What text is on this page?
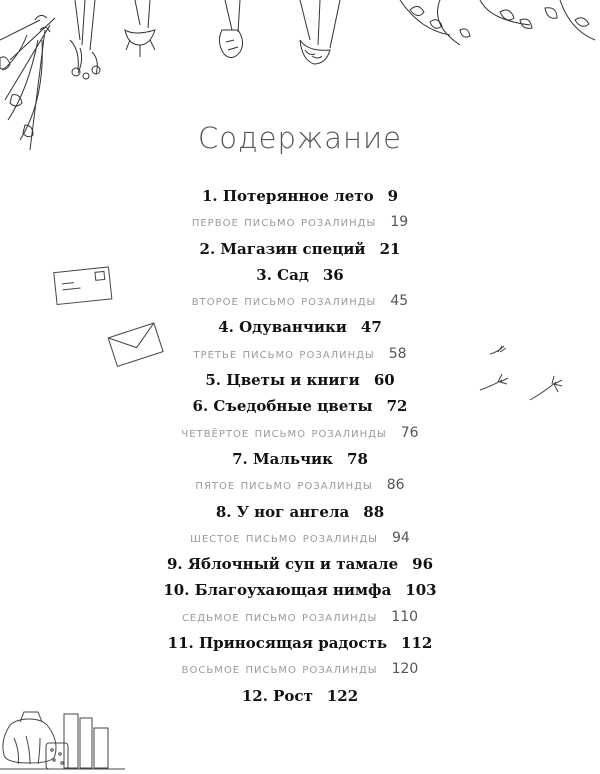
Содержание
1. Потерянное лето 9
первое письмо розалинды 19
2. Магазин специй 21
3. Сад 36
второе письмо розалинды 45
4. Одуванчики 47
третье письмо розалинды 58
5. Цветы и книги 60
6. Съедобные цветы 72
четвёртое письмо розалинды 76
7. Мальчик 78
пятое письмо розалинды 86
8. У ног ангела 88
шестое письмо розалинды 94
9. Яблочный суп и тамале 96
10. Благоухающая нимфа 103
седьмое письмо розалинды 110
11. Приносящая радость 112
восьмое письмо розалинды 120
12. Рост 122
